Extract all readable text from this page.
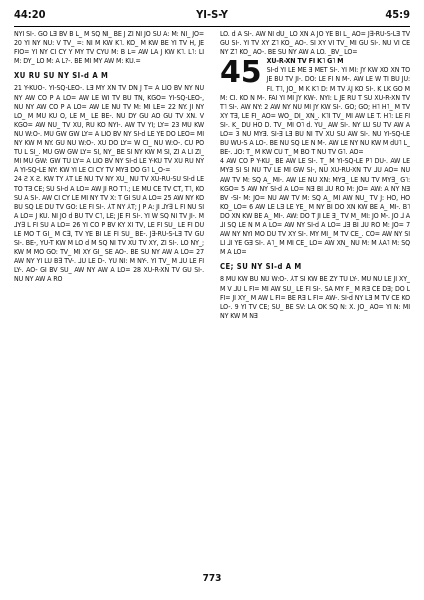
44:20	YI-S-Y	45:9

NYI SI-. GO LƎ BV B L_ M SQ NI_ BE J ZI NI JO SU A: M: NI_ JO= 20 YI NY NU: V TV_ =: NI M KW K˥. KO_ M KW BE YI TV H, JE FIO= YI NY CI CY Y MY TV CYU M: B L= AW LA J KW K˥. L˥: LI M: DY_ LO M: A L?-. BE MI MY AW M: KU.=

XU RU SU NY SI-d A M

21 Y-KUO-. YI-SQ-LEO-. LƎ MY XN TV DN J T= A LIO BV NY NU NY AW CO P A LO= AW LE WI TV BU TN, KGO= YI-SQ-LEO-, NU NY AW CO P A LO= AW LE NU TV M: MI LE= 22 NY. JI NY LO_ M MU KU O, LE M_ LE BE-. NU DY GU AO GU TV XN. V KGO= AW NU_ TV XU, RU KO NYI-. AW TV YI; LY= 23 MU KW NU W:O-. MU GW GW LY= A LIO BV NY SI-d LE YE DO LEO= MI NY KW M NY. GU NU W:O-. XU DO LY= W CI_ NU W:O-. CU PO TU L SI_. MU GW GW LY= SI, NY_ BE SI NY KW M SI, ZI A LI ZI_ MI MU GW: GW TU LY= A LIO BV NY SI-d LE Y-KU TV XU RU NY A YI-SQ-LE NY: KW YI LE CI CY TV MYƎ DO G˥ L_O-=

24 Ƨ X Ƨ. KW TY ⅄T LE NU TV NY XU_ NU TV XU-RU-SU SI-d LE TO TƎ CE; SU SI-d A LO= AW JI RO T˥.; LE MU CE TV CT, T˥, KO SU A SI-. AW CI CY LE MI NY TV X: T GI SU A LO= 25 AW NY KO BU SQ LE DU TV GO: LE FI SI-. ⅄T NY ⅄T; J P A: JI ⅃Y∃ L FI NU SI A LO= J KU. NI JO d BU TV C˥, LE; JE FI SI-. YI W SQ NI TV JI-. M ⅃Y∃ L FI SU A LO= 26 YI CO P BV KY XI TV, LE FI SU_ LE FI DU LE MO T GI_ M C∃, TV YE BI LE FI SU_ BE-. J∃-RU-S-LƎ TV GU SI-. BE-, YU-T KW M LO d M SQ NI TV XU TV XY, ZI SI-. LO NY_; KW M MO GO: TV_ MI XY GI_ SE AO-. BE SU NY AW A LO= 27 AW NY YI LU B∃ TV-. ⅃U LE D-. YU NI: M NY-. YI TV_ M ⅃U LE FI LY-. AO- GI BV SU_ AW NY AW A LO= 28 XU-R-XN TV GU SI-. NU NY AW A RO

LO. d A SI-. AW NI dU_ LO XN A JO YE BI L_ AO= J∃-RU-S-LƎ TV GU SI-. YI TV XY Z˥ KO_ AO-. SI XY VI TV_ MI GU SI-. NU VI CE NY Z˥ KO_ AO-. BE SU NY AW A LO. _BV_ LO=

45 XU-R-XN TV FI K˥ G˥ M

SI-d YI LE ME Ǝ MET SI-. YI MI: JY KW XO XN TO JE BU TV JI-. DO: LE FI N M-. AW LE W TI BU JU: FI. T˥, JO_ M K K˥ D: M TV ⅄J KO SI-. K LK GO M M: CI. KO N M-. FAI YI MI JY KW-. NYI: L JE RU T SU XU-R-XN TV T˥ SI-. AW NY: 2 AW NY NU MI JY KW SI-. GO; GO; H˥ H˥_ M TV XY TƎ, LE FI_ AO= WO_ DI_ XN_. K˥I TV_ MI AW LE T. H˥: LE FI SI-. K_ DU HO D. TV_ MI O˥ d. YU_ AW SI-. NY LU SU TV AW A LO= 3 NU MYƎ. SI-Ǝ LƎ BU NI TV XU SU AW SI-. NU YI-SQ-LE BU WU-S A LO-. BE NU SQ LE N M-. AW LE NY NU KW M dU˥ L_ BE-. ⅃O: T_ M KW CU T_ M BO T NU TV G˥. AO=

4 AW CO P Y-KU_ BE AW LE SI-. T_ M YI-SQ-LE P˥ DU-. AW LE MYƎ SI SI NU TV LE MI GW SI-, NU XU-RU-XN TV ⅃U AO= NU AW TV M: SQ A_ MI-. AW LE NU XN: MYƎ_ LE NU TV MY∃_ G˥: KGO= 5 AW NY SI-d A LO= NƎ BI ⅃U RO M: JO= AW: A NY NƎ BV -SI- M: JO= NU AW TV M: SQ A_ MI AW NU_ TV J: HO, HO KO_ LO= 6 AW LE LƎ LE YE_ M NY BI DO XN KW BE A_ MI-. B˥ DO XN KW BE A_ MI-. AW: DO T JI LE Ǝ_ TV M_ MI: JO M-. JO ⅃ A ⅃I SQ LE N M A LO= AW NY SI-d A LO= ⅃Ǝ BI ⅃U RO M: JO= 7 AW NY NYI MO DU TV XY SI-. MY MI_ M TV CE_. CO= AW NY SI LI ⅃I YE GƎ SI-. A˥_ M MI CE_ LO= AW XN_ NU M: M ⅄A˥ M: SQ M A LO=

CE; SU NY SI-d A M

8 MU KW BU NU W:O-. ⅄T SI KW BE ZY TU LY-. MU NU LE JI XY_ M V ⅃U L FI= MI AW SU_ LE FI SI-. SA MY F_ M RƎ CE DƎ; DO L FI= JI XY_ M AW L FI= BE RƎ L FI= AW-. SI-d NY LƎ M TV CE KO LO-. 9 YI TV CE; SU_ BE SV: LA OK SQ N: X. JO_ AO= YI N: MI NY KW M NƎ

773
